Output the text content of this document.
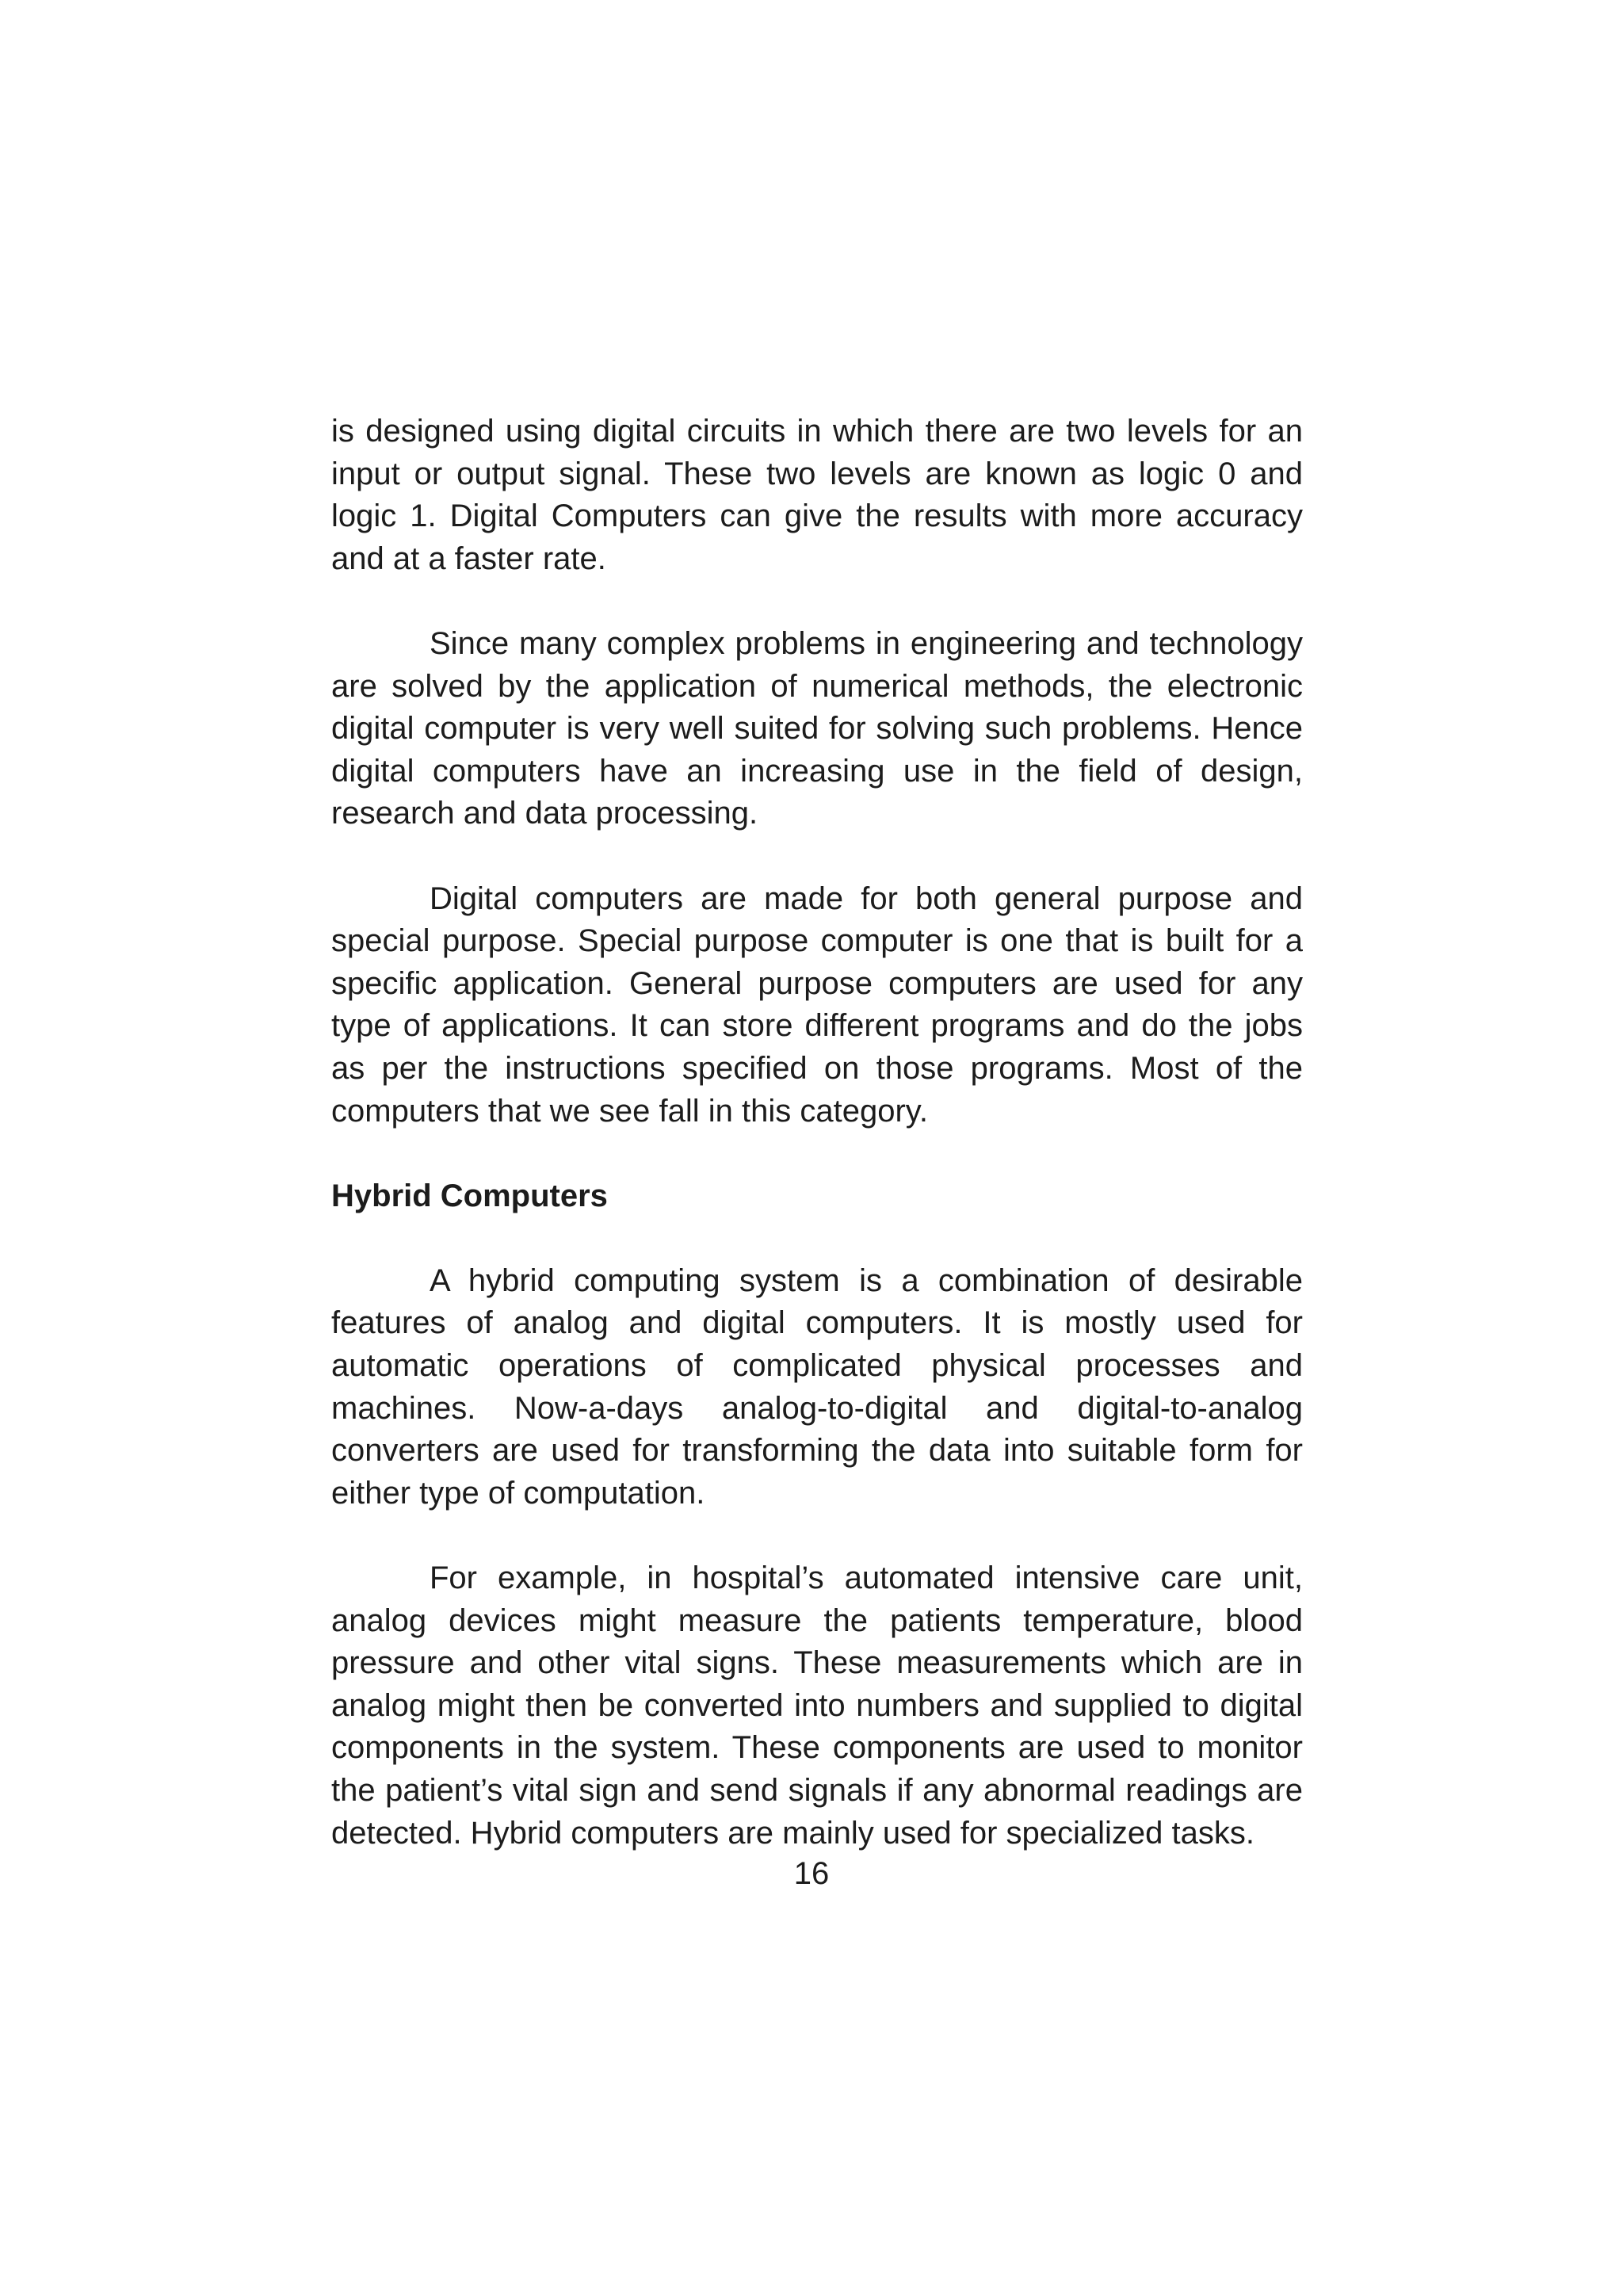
is designed using digital circuits in which there are two levels for an input or output signal. These two levels are known as logic 0 and logic 1. Digital Computers can give the results with more accuracy and at a faster rate.

Since many complex problems in engineering and technology are solved by the application of numerical methods, the electronic digital computer is very well suited for solving such problems. Hence digital computers have an increasing use in the field of design, research and data processing.

Digital computers are made for both general purpose and special purpose. Special purpose computer is one that is built for a specific application. General purpose computers are used for any type of applications. It can store different programs and do the jobs as per the instructions specified on those programs. Most of the computers that we see fall in this category.

Hybrid Computers

A hybrid computing system is a combination of desirable features of analog and digital computers. It is mostly used for automatic operations of complicated physical processes and machines. Now-a-days analog-to-digital and digital-to-analog converters are used for transforming the data into suitable form for either type of computation.

For example, in hospital’s automated intensive care unit, analog devices might measure the patients temperature, blood pressure and other vital signs. These measurements which are in analog might then be converted into numbers and supplied to digital components in the system. These components are used to monitor the patient’s vital sign and send signals if any abnormal readings are detected. Hybrid computers are mainly used for specialized tasks.

16
